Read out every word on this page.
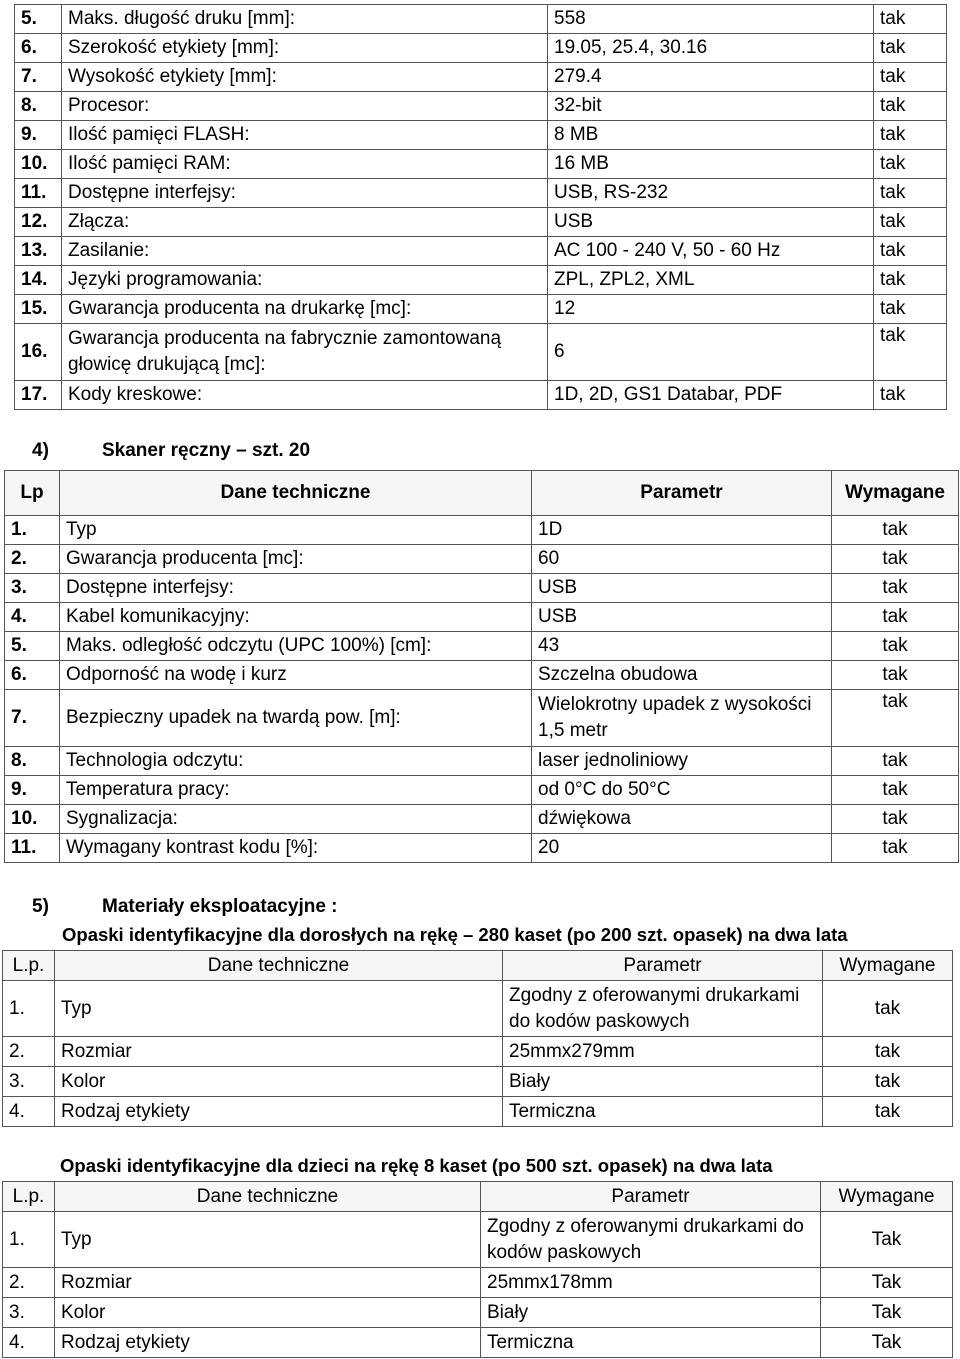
5.	Maks. długość druku [mm]:	558	tak
6.	Szerokość etykiety [mm]:	19.05, 25.4, 30.16	tak
7.	Wysokość etykiety [mm]:	279.4	tak
8.	Procesor:	32-bit	tak
9.	Ilość pamięci FLASH:	8 MB	tak
10.	Ilość pamięci RAM:	16 MB	tak
11.	Dostępne interfejsy:	USB, RS-232	tak
12.	Złącza:	USB	tak
13.	Zasilanie:	AC 100 - 240 V, 50 - 60 Hz	tak
14.	Języki programowania:	ZPL, ZPL2, XML	tak
15.	Gwarancja producenta na drukarkę [mc]:	12	tak
16.	Gwarancja producenta na fabrycznie zamontowaną głowicę drukującą [mc]:	6	tak
17.	Kody kreskowe:	1D, 2D, GS1 Databar, PDF	tak
4)	Skaner ręczny – szt. 20
Lp	Dane techniczne	Parametr	Wymagane
1.	Typ	1D	tak
2.	Gwarancja producenta [mc]:	60	tak
3.	Dostępne interfejsy:	USB	tak
4.	Kabel komunikacyjny:	USB	tak
5.	Maks. odległość odczytu (UPC 100%) [cm]:	43	tak
6.	Odporność na wodę i kurz	Szczelna obudowa	tak
7.	Bezpieczny upadek na twardą pow. [m]:	Wielokrotny upadek z wysokości 1,5 metr	tak
8.	Technologia odczytu:	laser jednoliniowy	tak
9.	Temperatura pracy:	od 0°C do 50°C	tak
10.	Sygnalizacja:	dźwiękowa	tak
11.	Wymagany kontrast kodu [%]:	20	tak
5)	Materiały eksploatacyjne :
Opaski identyfikacyjne dla dorosłych na rękę – 280 kaset (po 200 szt. opasek) na dwa lata
L.p.	Dane techniczne	Parametr	Wymagane
1.	Typ	Zgodny z oferowanymi drukarkami do kodów paskowych	tak
2.	Rozmiar	25mmx279mm	tak
3.	Kolor	Biały	tak
4.	Rodzaj etykiety	Termiczna	tak
Opaski identyfikacyjne dla dzieci na rękę 8 kaset (po 500 szt. opasek) na dwa lata
L.p.	Dane techniczne	Parametr	Wymagane
1.	Typ	Zgodny z oferowanymi drukarkami do kodów paskowych	Tak
2.	Rozmiar	25mmx178mm	Tak
3.	Kolor	Biały	Tak
4.	Rodzaj etykiety	Termiczna	Tak
